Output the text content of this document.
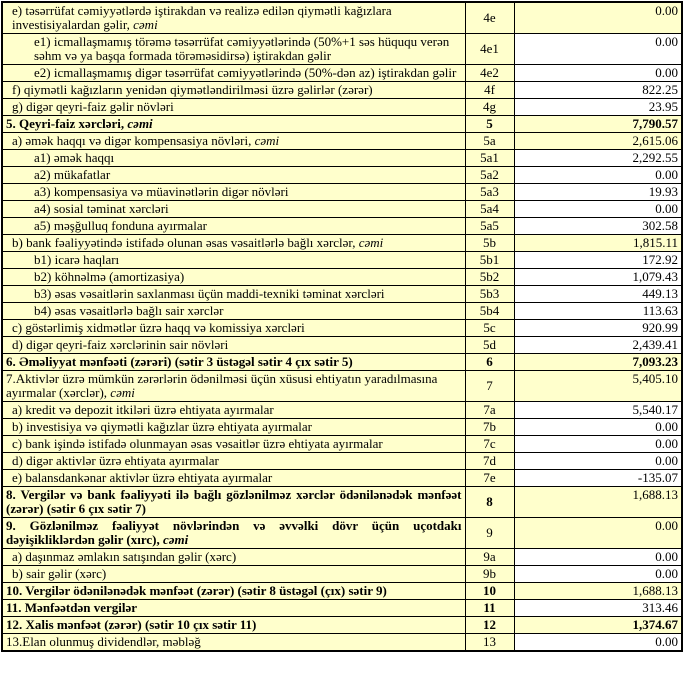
e) təsərrüfat cəmiyyətlərdə iştirakdan və realizə edilən qiymətli kağızlara investisiyalardan gəlir, cəmi	4e	0.00
e1) icmallaşmamış törəmə təsərrüfat cəmiyyətlərində (50%+1 səs hüququ verən səhm və ya başqa formada törəməsidirsə) iştirakdan gəlir	4e1	0.00
e2) icmallaşmamış digər təsərrüfat cəmiyyətlərində (50%-dən az) iştirakdan gəlir	4e2	0.00
f) qiymətli kağızların yenidən qiymətləndirilməsi üzrə gəlirlər (zərər)	4f	822.25
g) digər qeyri-faiz gəlir növləri	4g	23.95
5. Qeyri-faiz xərcləri, cəmi	5	7,790.57
a) əmək haqqı və digər kompensasiya növləri, cəmi	5a	2,615.06
a1) əmək haqqı	5a1	2,292.55
a2) mükafatlar	5a2	0.00
a3) kompensasiya və müavinətlərin digər növləri	5a3	19.93
a4) sosial təminat xərcləri	5a4	0.00
a5) məşğulluq fonduna ayırmalar	5a5	302.58
b) bank fəaliyyətində istifadə olunan əsas vəsaitlərlə bağlı xərclər, cəmi	5b	1,815.11
b1) icarə haqları	5b1	172.92
b2) köhnəlmə (amortizasiya)	5b2	1,079.43
b3) əsas vəsaitlərin saxlanması üçün maddi-texniki təminat xərcləri	5b3	449.13
b4) əsas vəsaitlərlə bağlı sair xərclər	5b4	113.63
c) göstərlimiş xidmətlər üzrə haqq və komissiya xərcləri	5c	920.99
d) digər qeyri-faiz xərclərinin sair növləri	5d	2,439.41
6. Əməliyyat mənfəəti (zərəri) (sətir 3 üstəgəl sətir 4 çıx sətir 5)	6	7,093.23
7.Aktivlər üzrə mümkün zərərlərin ödənilməsi üçün xüsusi ehtiyatın yaradılmasına ayırmalar (xərclər), cəmi	7	5,405.10
a) kredit və depozit itkiləri üzrə ehtiyata ayırmalar	7a	5,540.17
b) investisiya və qiymətli kağızlar üzrə ehtiyata ayırmalar	7b	0.00
c) bank işində istifadə olunmayan əsas vəsaitlər üzrə ehtiyata ayırmalar	7c	0.00
d) digər aktivlər üzrə ehtiyata ayırmalar	7d	0.00
e) balansdankənar aktivlər üzrə ehtiyata ayırmalar	7e	-135.07
8. Vergilər və bank fəaliyyəti ilə bağlı gözlənilməz xərclər ödənilənədək mənfəət (zərər) (sətir 6 çıx sətir 7)	8	1,688.13
9. Gözlənilməz fəaliyyət növlərindən və əvvəlki dövr üçün uçotdakı dəyişikliklərdən gəlir (xırc), cəmi	9	0.00
a) daşınmaz əmlakın satışından gəlir (xərc)	9a	0.00
b) sair gəlir (xərc)	9b	0.00
10. Vergilər ödənilənədək mənfəət (zərər) (sətir 8 üstəgəl (çıx) sətir 9)	10	1,688.13
11. Mənfəətdən vergilər	11	313.46
12. Xalis mənfəət (zərər) (sətir 10 çıx sətir 11)	12	1,374.67
13.Elan olunmuş dividendlər, məbləğ	13	0.00
